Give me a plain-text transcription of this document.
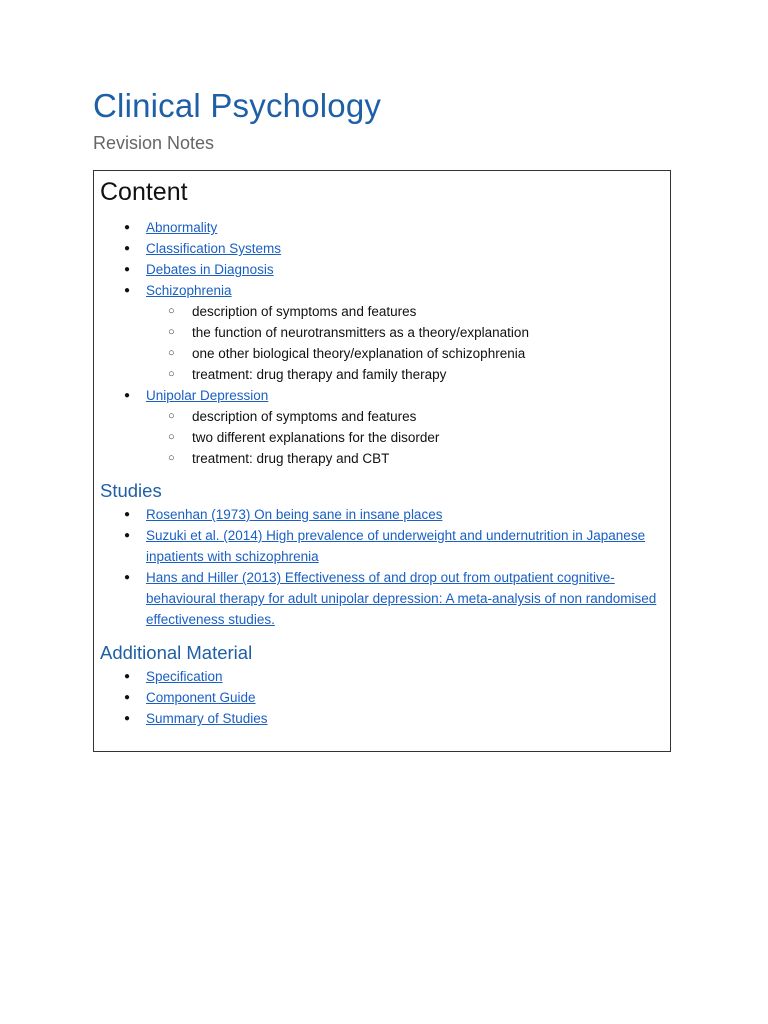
Clinical Psychology
Revision Notes
Content
● Abnormality
● Classification Systems
● Debates in Diagnosis
● Schizophrenia
○ description of symptoms and features
○ the function of neurotransmitters as a theory/explanation
○ one other biological theory/explanation of schizophrenia
○ treatment: drug therapy and family therapy
● Unipolar Depression
○ description of symptoms and features
○ two different explanations for the disorder
○ treatment: drug therapy and CBT
Studies
● Rosenhan (1973) On being sane in insane places
● Suzuki et al. (2014) High prevalence of underweight and undernutrition in Japanese inpatients with schizophrenia
● Hans and Hiller (2013) Effectiveness of and drop out from outpatient cognitive-behavioural therapy for adult unipolar depression: A meta-analysis of non randomised effectiveness studies.
Additional Material
● Specification
● Component Guide
● Summary of Studies
